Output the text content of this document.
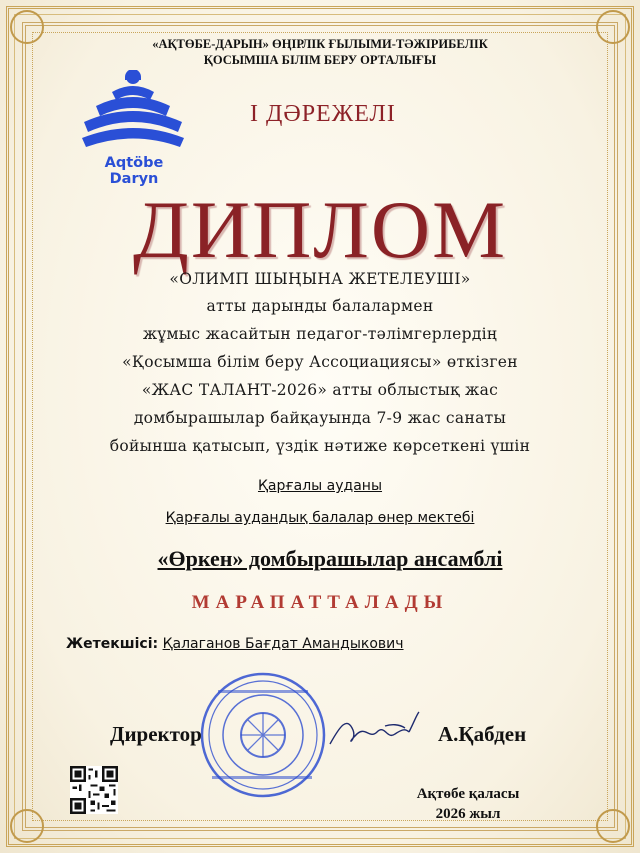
«АҚТӨБЕ-ДАРЫН» ӨҢІРЛІК ҒЫЛЫМИ-ТӘЖІРИБЕЛІК
ҚОСЫМША БІЛІМ БЕРУ ОРТАЛЫҒЫ
Aqtöbe Daryn
І ДӘРЕЖЕЛІ
ДИПЛОМ
«ОЛИМП ШЫҢЫНА ЖЕТЕЛЕУШІ»
атты дарынды балалармен
жұмыс жасайтын педагог-тәлімгерлердің
«Қосымша білім беру Ассоциациясы» өткізген
«ЖАС ТАЛАНТ-2026» атты облыстық жас
домбырашылар байқауында 7-9 жас санаты
бойынша қатысып, үздік нәтиже көрсеткені үшін
Қарғалы ауданы
Қарғалы аудандық балалар өнер мектебі
«Өркен» домбырашылар ансамблі
МАРАПАТТАЛАДЫ
Жетекшісі: Қалаганов Бағдат Амандыкович
Директор	А.Қабден
Ақтөбе қаласы
2026 жыл
